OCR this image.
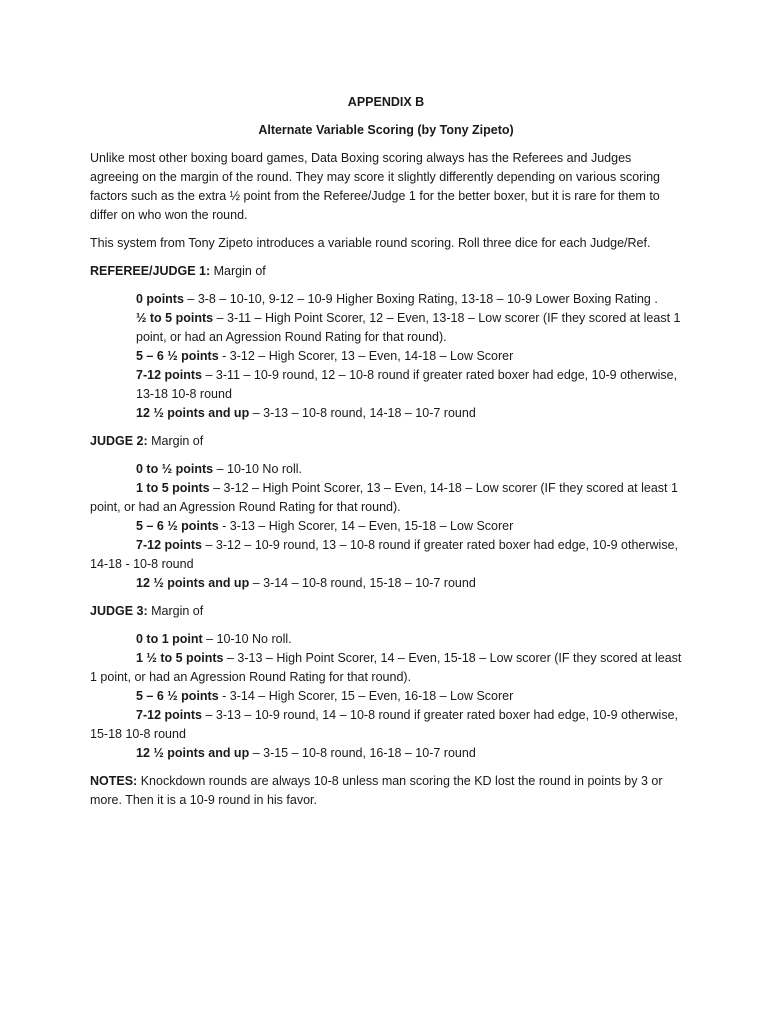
APPENDIX B

Alternate Variable Scoring (by Tony Zipeto)

Unlike most other boxing board games, Data Boxing scoring always has the Referees and Judges agreeing on the margin of the round. They may score it slightly differently depending on various scoring factors such as the extra ½ point from the Referee/Judge 1 for the better boxer, but it is rare for them to differ on who won the round.

This system from Tony Zipeto introduces a variable round scoring. Roll three dice for each Judge/Ref.

REFEREE/JUDGE 1: Margin of

0 points – 3-8 – 10-10, 9-12 – 10-9 Higher Boxing Rating, 13-18 – 10-9 Lower Boxing Rating .
½ to 5 points – 3-11 – High Point Scorer, 12 – Even, 13-18 – Low scorer (IF they scored at least 1 point, or had an Agression Round Rating for that round).
5 – 6 ½ points - 3-12 – High Scorer, 13 – Even, 14-18 – Low Scorer
7-12 points – 3-11 – 10-9 round, 12 – 10-8 round if greater rated boxer had edge, 10-9 otherwise, 13-18 10-8 round
12 ½ points and up – 3-13 – 10-8 round, 14-18 – 10-7 round

JUDGE 2: Margin of

0 to ½ points – 10-10 No roll.
1 to 5 points – 3-12 – High Point Scorer, 13 – Even, 14-18 – Low scorer (IF they scored at least 1 point, or had an Agression Round Rating for that round).
5 – 6 ½ points - 3-13 – High Scorer, 14 – Even, 15-18 – Low Scorer
7-12 points – 3-12 – 10-9 round, 13 – 10-8 round if greater rated boxer had edge, 10-9 otherwise, 14-18 - 10-8 round
12 ½ points and up – 3-14 – 10-8 round, 15-18 – 10-7 round

JUDGE 3: Margin of

0 to 1 point – 10-10 No roll.
1 ½ to 5 points – 3-13 – High Point Scorer, 14 – Even, 15-18 – Low scorer (IF they scored at least 1 point, or had an Agression Round Rating for that round).
5 – 6 ½ points - 3-14 – High Scorer, 15 – Even, 16-18 – Low Scorer
7-12 points – 3-13 – 10-9 round, 14 – 10-8 round if greater rated boxer had edge, 10-9 otherwise, 15-18 10-8 round
12 ½ points and up – 3-15 – 10-8 round, 16-18 – 10-7 round

NOTES: Knockdown rounds are always 10-8 unless man scoring the KD lost the round in points by 3 or more. Then it is a 10-9 round in his favor.
